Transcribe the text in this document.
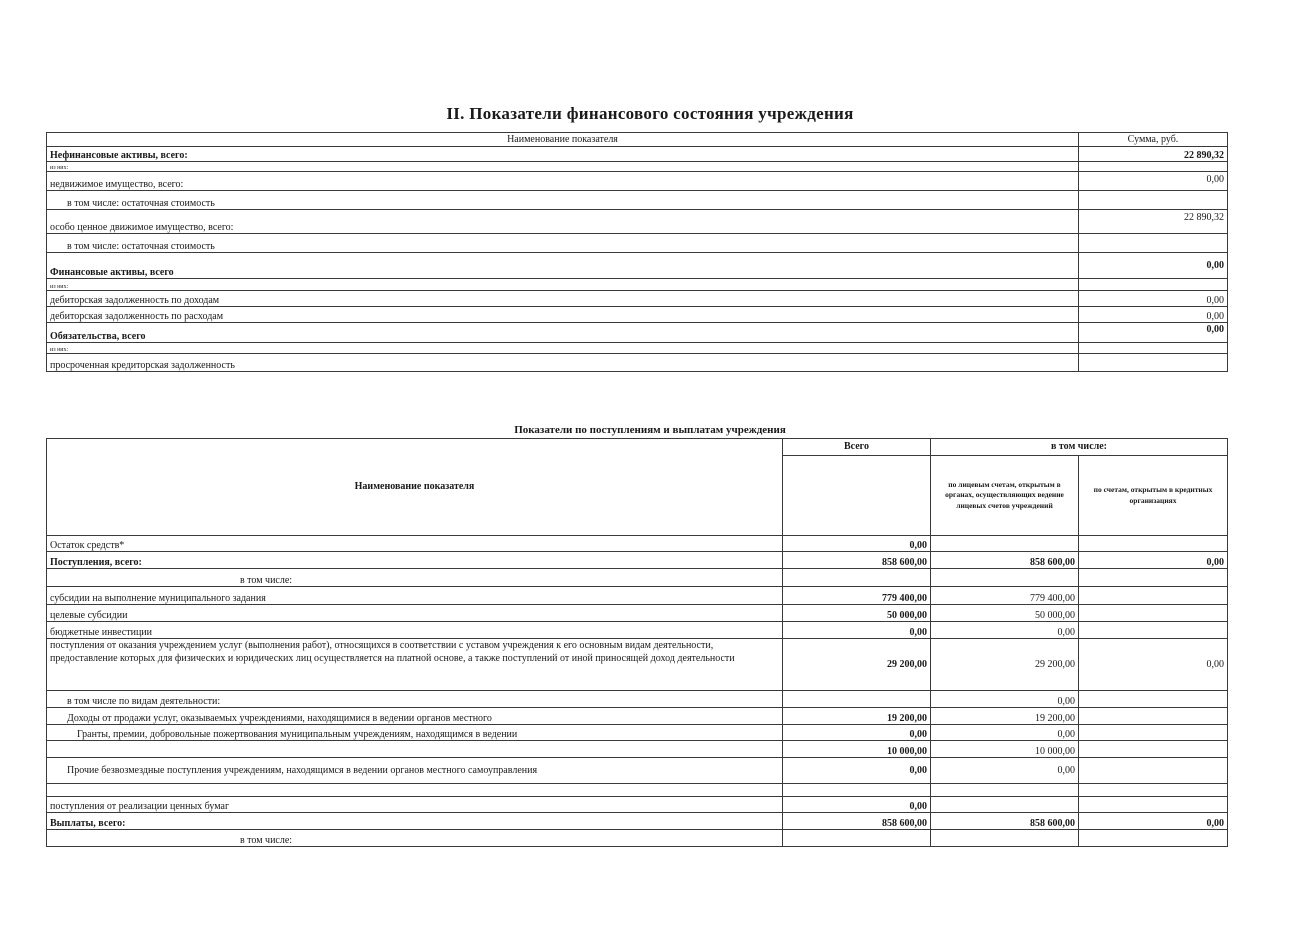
II. Показатели финансового состояния учреждения
Наименование показателя	Сумма, руб.
Нефинансовые активы, всего:	22 890,32
из них:	
недвижимое имущество, всего:	0,00
в том числе: остаточная стоимость	
особо ценное движимое имущество, всего:	22 890,32
в том числе: остаточная стоимость	
Финансовые активы, всего	0,00
из них:	
дебиторская задолженность по доходам	0,00
дебиторская задолженность по расходам	0,00
Обязательства, всего	0,00
из них:	
просроченная кредиторская задолженность	
Показатели по поступлениям и выплатам учреждения
Наименование показателя	Всего	в том числе:	
		по лицевым счетам, открытым в органах, осуществляющих ведение лицевых счетов учреждений	по счетам, открытым в кредитных организациях
Остаток средств*	0,00		
Поступления, всего:	858 600,00	858 600,00	0,00
в том числе:			
субсидии на выполнение муниципального задания	779 400,00	779 400,00	
целевые субсидии	50 000,00	50 000,00	
бюджетные инвестиции	0,00	0,00	
поступления от оказания учреждением услуг (выполнения работ), относящихся в соответствии с уставом учреждения к его основным видам деятельности, предоставление которых для физических и юридических лиц осуществляется на платной основе, а также поступлений от иной приносящей доход деятельности	29 200,00	29 200,00	0,00
в том числе по видам деятельности:		0,00	
Доходы от продажи услуг, оказываемых учреждениями, находящимися в ведении органов местного	19 200,00	19 200,00	
Гранты, премии, добровольные пожертвования муниципальным учреждениям, находящимся в ведении	0,00	0,00	
	10 000,00	10 000,00	
Прочие безвозмездные поступления учреждениям, находящимся в ведении органов местного самоуправления	0,00	0,00	

поступления от реализации ценных бумаг	0,00		
Выплаты, всего:	858 600,00	858 600,00	0,00
в том числе:			
